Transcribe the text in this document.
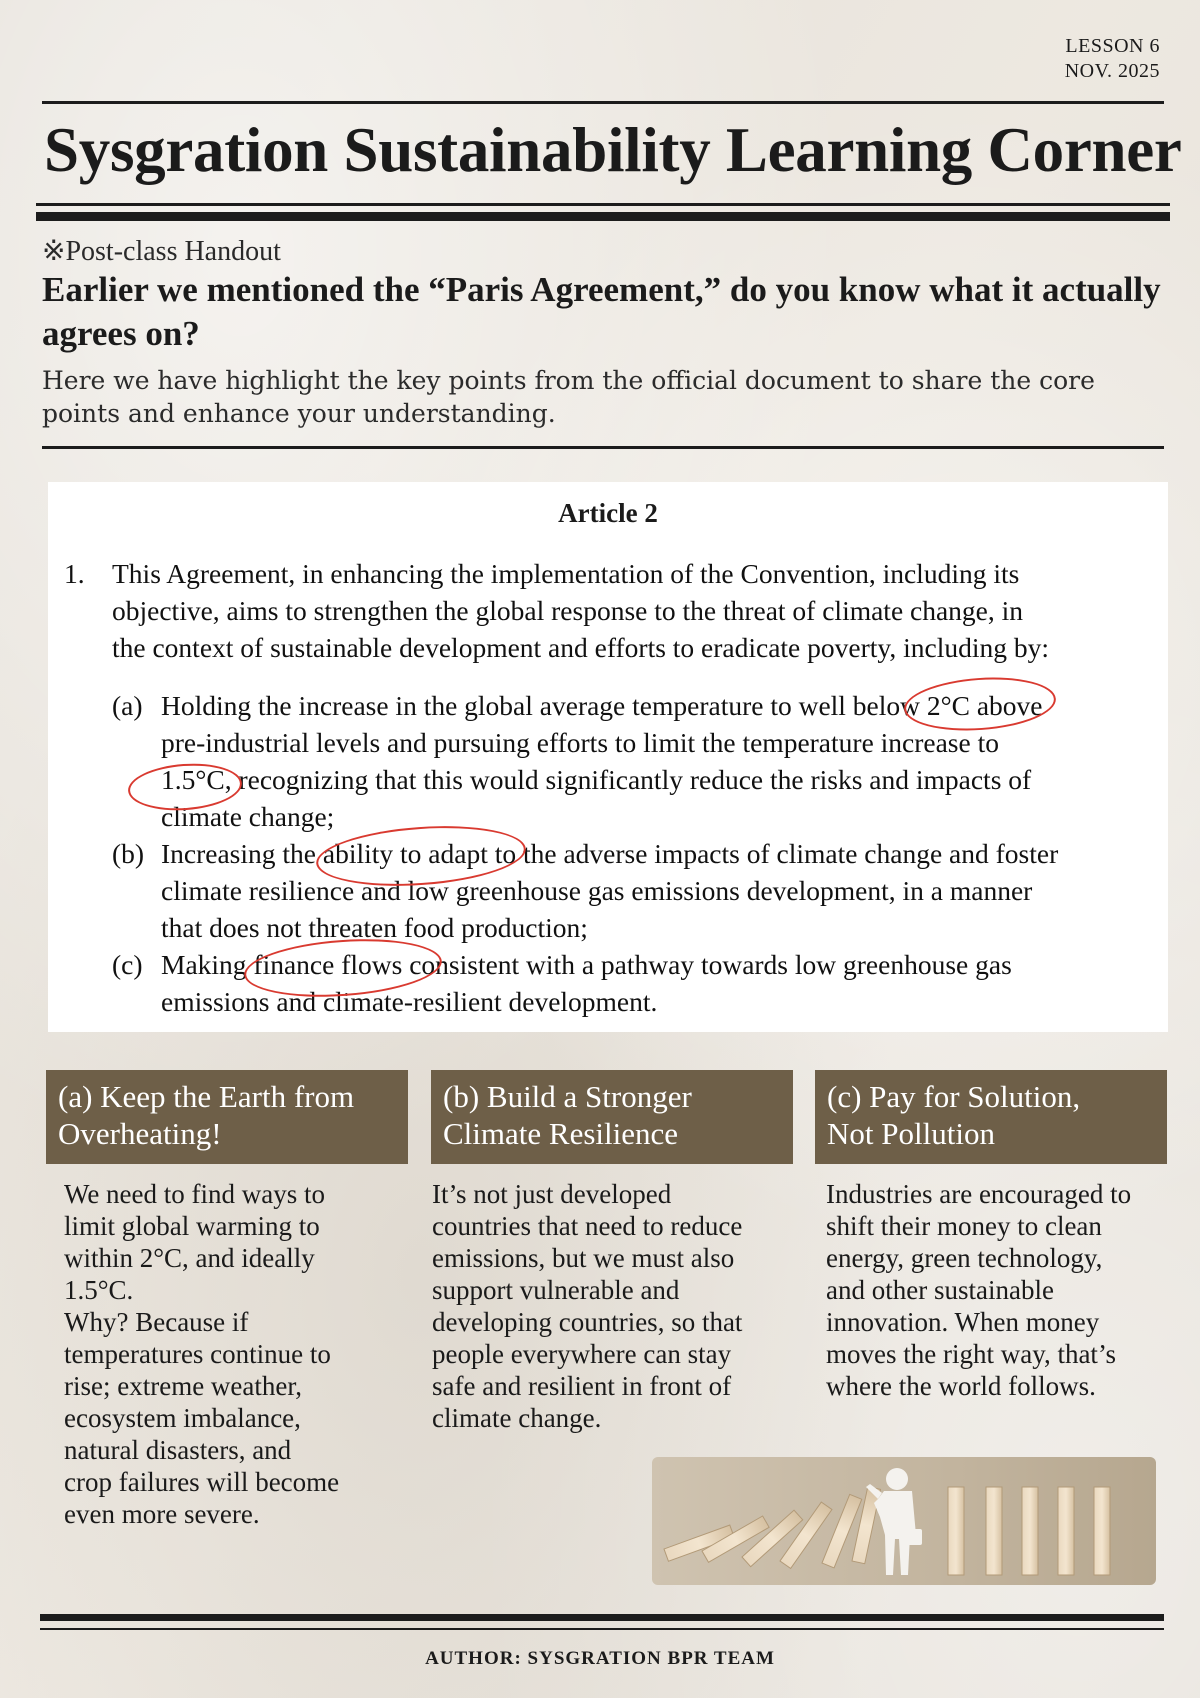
LESSON 6
NOV. 2025
Sysgration Sustainability Learning Corner
※Post-class Handout
Earlier we mentioned the “Paris Agreement,” do you know what it actually agrees on?
Here we have highlight the key points from the official document to share the core points and enhance your understanding.
Article 2
1. This Agreement, in enhancing the implementation of the Convention, including its
objective, aims to strengthen the global response to the threat of climate change, in
the context of sustainable development and efforts to eradicate poverty, including by:
(a) Holding the increase in the global average temperature to well below 2°C above
pre-industrial levels and pursuing efforts to limit the temperature increase to
1.5°C, recognizing that this would significantly reduce the risks and impacts of
climate change;
(b) Increasing the ability to adapt to the adverse impacts of climate change and foster
climate resilience and low greenhouse gas emissions development, in a manner
that does not threaten food production;
(c) Making finance flows consistent with a pathway towards low greenhouse gas
emissions and climate-resilient development.
(a) Keep the Earth from
Overheating!
(b) Build a Stronger
Climate Resilience
(c) Pay for Solution,
Not Pollution
We need to find ways to
limit global warming to
within 2°C, and ideally
1.5°C.
Why? Because if
temperatures continue to
rise; extreme weather,
ecosystem imbalance,
natural disasters, and
crop failures will become
even more severe.
It’s not just developed
countries that need to reduce
emissions, but we must also
support vulnerable and
developing countries, so that
people everywhere can stay
safe and resilient in front of
climate change.
Industries are encouraged to
shift their money to clean
energy, green technology,
and other sustainable
innovation. When money
moves the right way, that’s
where the world follows.
AUTHOR: SYSGRATION BPR TEAM
